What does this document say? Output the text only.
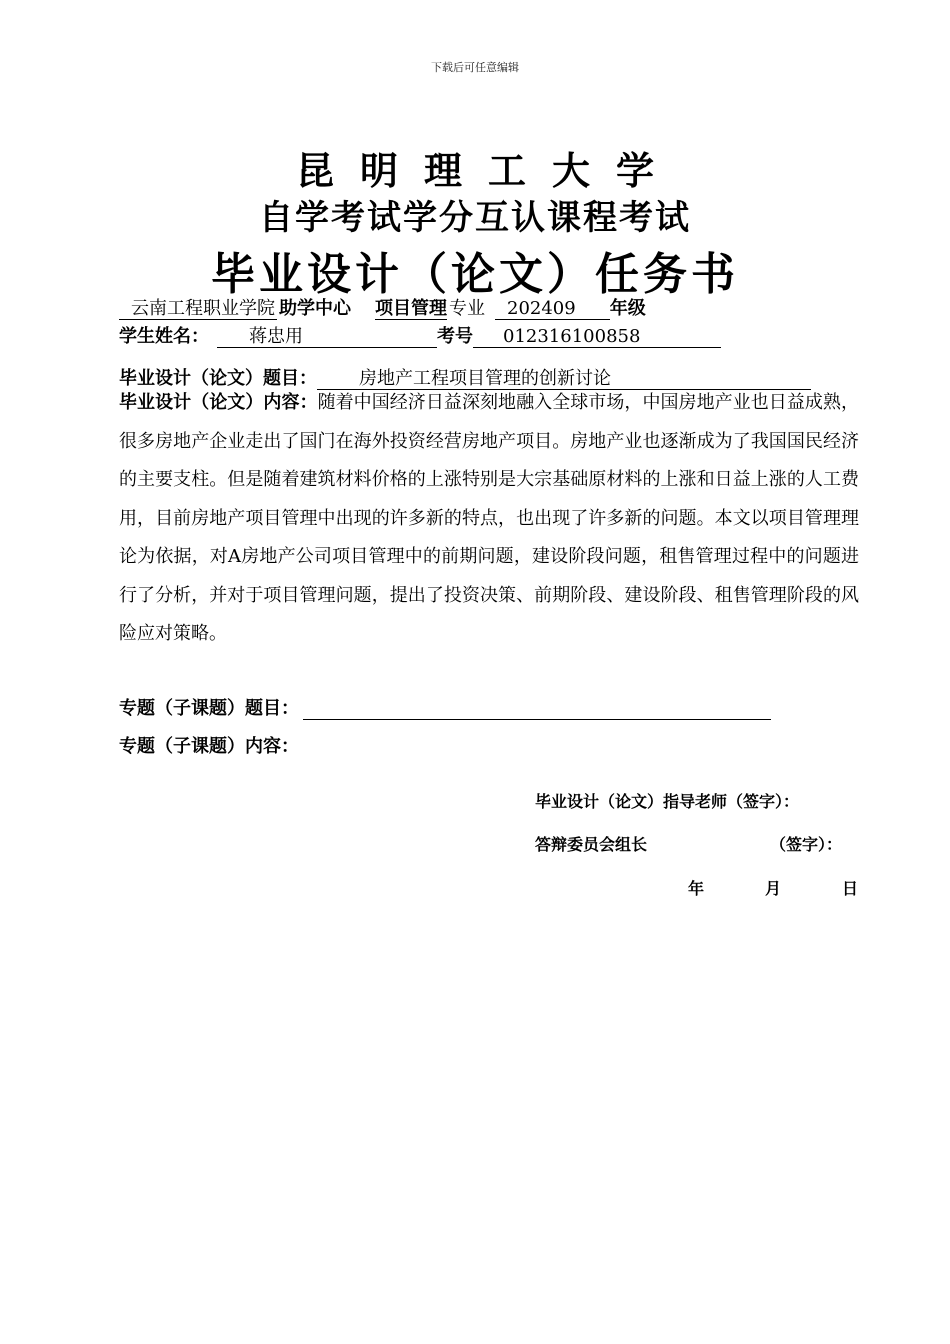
下载后可任意编辑
昆明理工大学
自学考试学分互认课程考试
毕业设计（论文）任务书
云南工程职业学院 助学中心 项目管理 专业 202409 年级
学生姓名： 蒋忠用	考号 012316100858
毕业设计（论文）题目： 房地产工程项目管理的创新讨论
毕业设计（论文）内容：随着中国经济日益深刻地融入全球市场，中国房地产业也日益成熟，很多房地产企业走出了国门在海外投资经营房地产项目。房地产业也逐渐成为了我国国民经济的主要支柱。但是随着建筑材料价格的上涨特别是大宗基础原材料的上涨和日益上涨的人工费用，目前房地产项目管理中出现的许多新的特点，也出现了许多新的问题。本文以项目管理理论为依据，对A房地产公司项目管理中的前期问题，建设阶段问题，租售管理过程中的问题进行了分析，并对于项目管理问题，提出了投资决策、前期阶段、建设阶段、租售管理阶段的风险应对策略。
专题（子课题）题目：
专题（子课题）内容：
毕业设计（论文）指导老师（签字）：
答辩委员会组长	（签字）：
年	月	日
